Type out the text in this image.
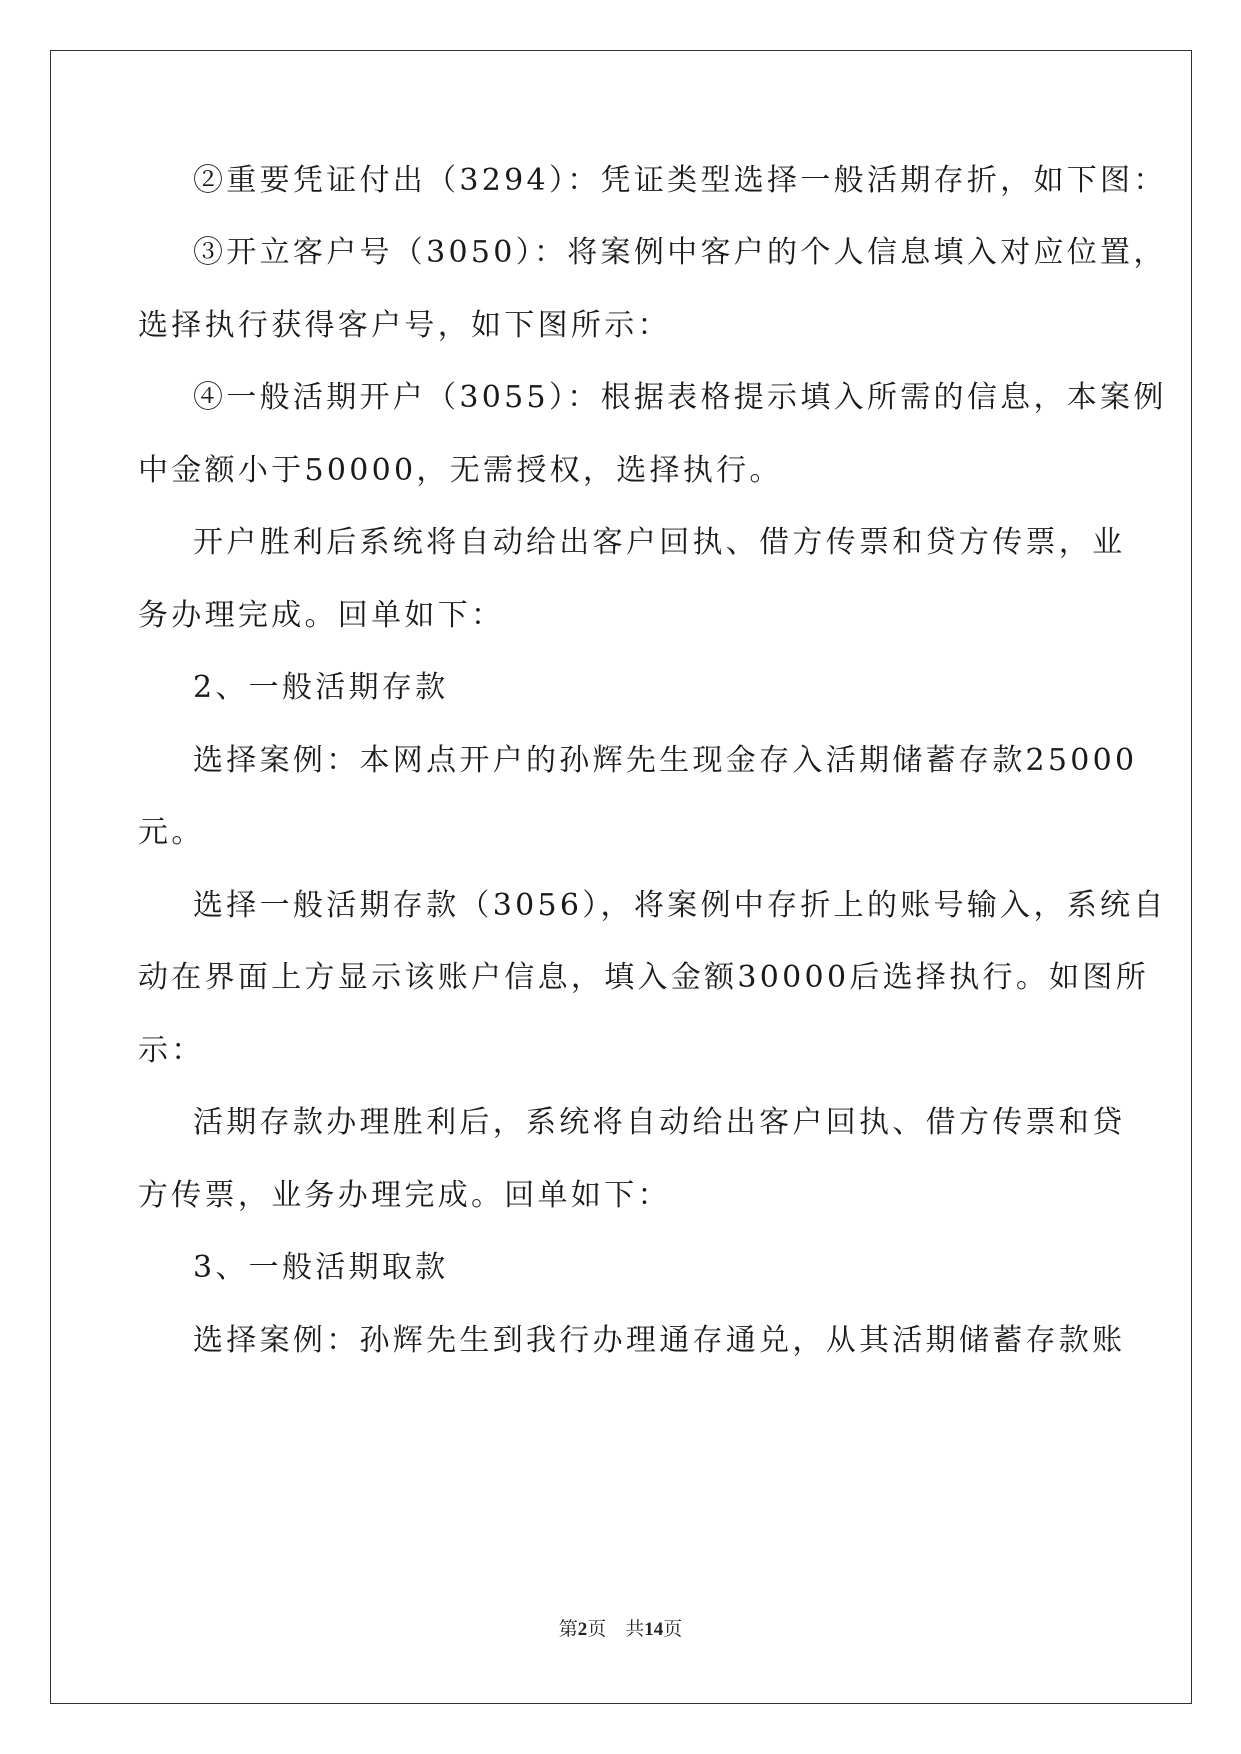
②重要凭证付出（3294）：凭证类型选择一般活期存折，如下图：
③开立客户号（3050）：将案例中客户的个人信息填入对应位置，
选择执行获得客户号，如下图所示：
④一般活期开户（3055）：根据表格提示填入所需的信息，本案例
中金额小于50000，无需授权，选择执行。
开户胜利后系统将自动给出客户回执、借方传票和贷方传票，业
务办理完成。回单如下：
2、一般活期存款
选择案例：本网点开户的孙辉先生现金存入活期储蓄存款25000
元。
选择一般活期存款（3056），将案例中存折上的账号输入，系统自
动在界面上方显示该账户信息，填入金额30000后选择执行。如图所
示：
活期存款办理胜利后，系统将自动给出客户回执、借方传票和贷
方传票，业务办理完成。回单如下：
3、一般活期取款
选择案例：孙辉先生到我行办理通存通兑，从其活期储蓄存款账
第2页　共14页
